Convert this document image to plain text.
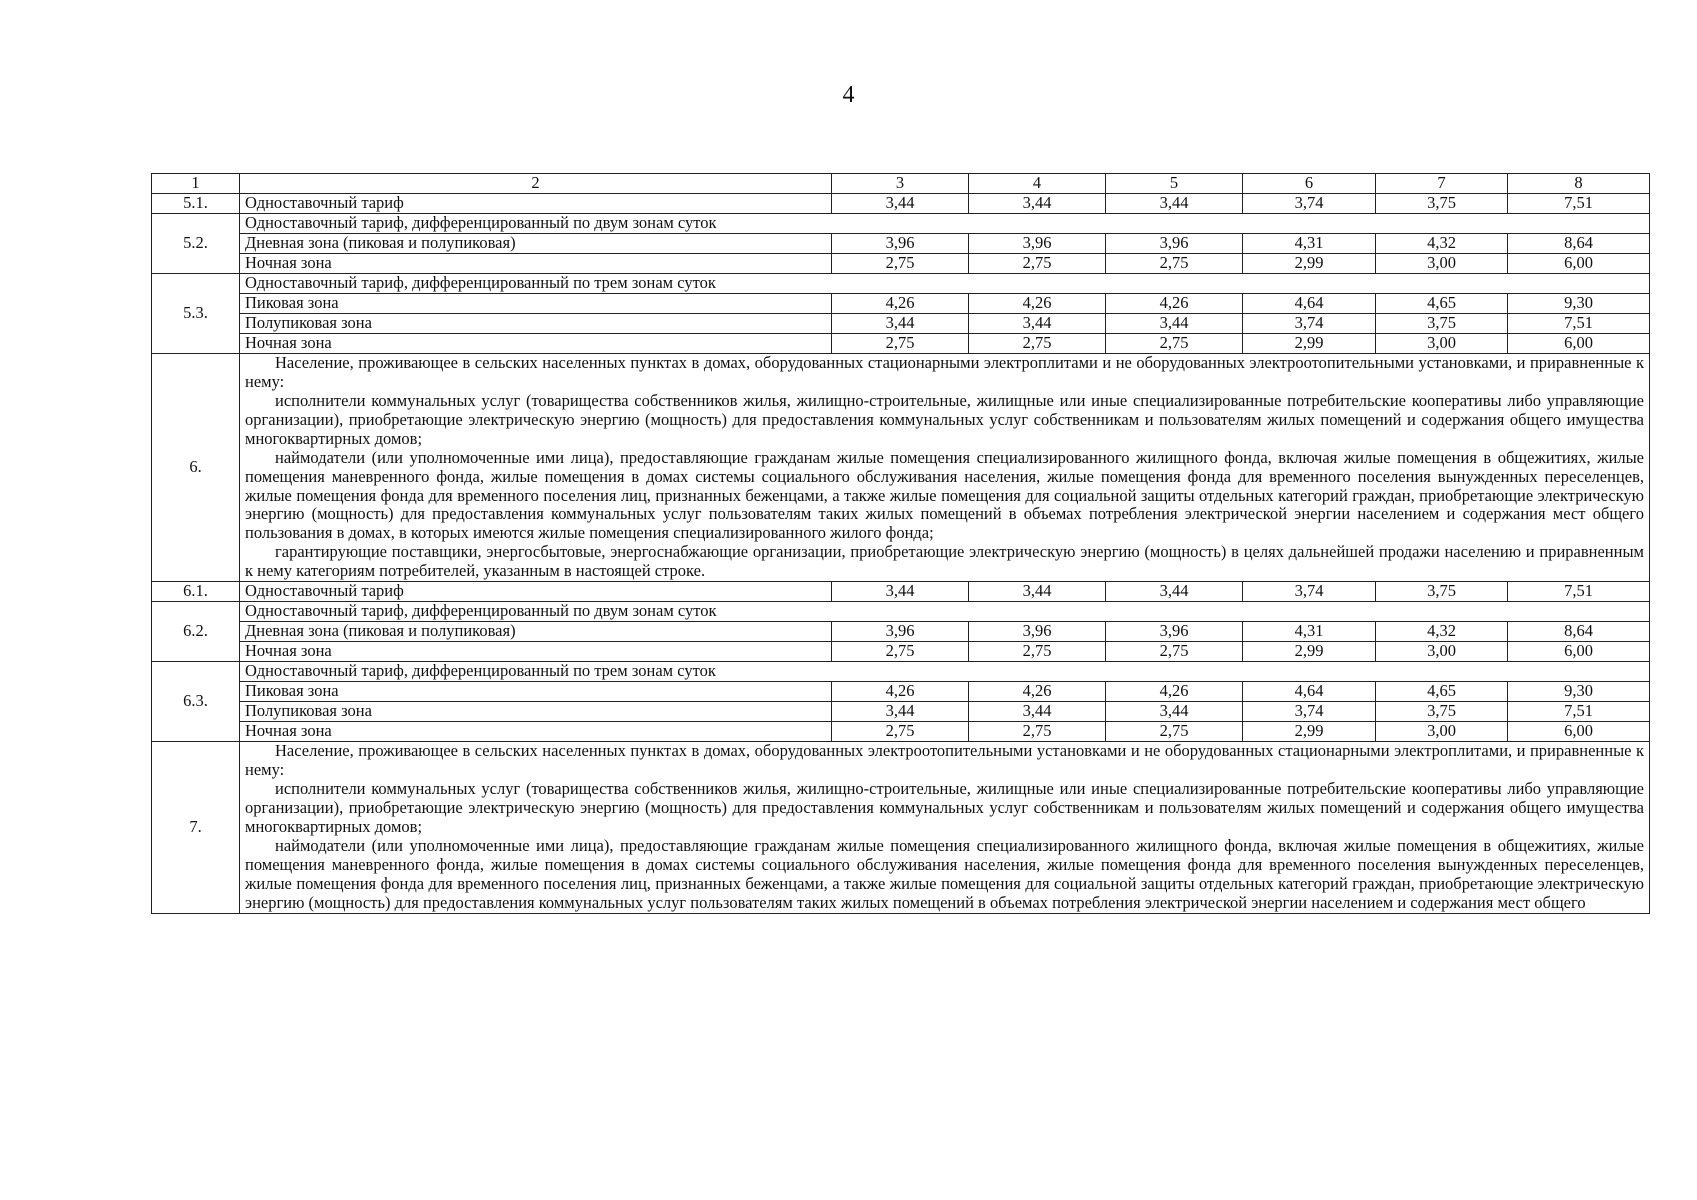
4
1	2	3	4	5	6	7	8
5.1.	Одноставочный тариф	3,44	3,44	3,44	3,74	3,75	7,51
5.2.	Одноставочный тариф, дифференцированный по двум зонам суток						
	Дневная зона (пиковая и полупиковая)	3,96	3,96	3,96	4,31	4,32	8,64
	Ночная зона	2,75	2,75	2,75	2,99	3,00	6,00
5.3.	Одноставочный тариф, дифференцированный по трем зонам суток						
	Пиковая зона	4,26	4,26	4,26	4,64	4,65	9,30
	Полупиковая зона	3,44	3,44	3,44	3,74	3,75	7,51
	Ночная зона	2,75	2,75	2,75	2,99	3,00	6,00
6.	Население, проживающее в сельских населенных пунктах в домах, оборудованных стационарными электроплитами и не оборудованных электроотопительными установками, и приравненные к нему:

исполнители коммунальных услуг (товарищества собственников жилья, жилищно-строительные, жилищные или иные специализированные потребительские кооперативы либо управляющие организации), приобретающие электрическую энергию (мощность) для предоставления коммунальных услуг собственникам и пользователям жилых помещений и содержания общего имущества многоквартирных домов;

наймодатели (или уполномоченные ими лица), предоставляющие гражданам жилые помещения специализированного жилищного фонда, включая жилые помещения в общежитиях, жилые помещения маневренного фонда, жилые помещения в домах системы социального обслуживания населения, жилые помещения фонда для временного поселения вынужденных переселенцев, жилые помещения фонда для временного поселения лиц, признанных беженцами, а также жилые помещения для социальной защиты отдельных категорий граждан, приобретающие электрическую энергию (мощность) для предоставления коммунальных услуг пользователям таких жилых помещений в объемах потребления электрической энергии населением и содержания мест общего пользования в домах, в которых имеются жилые помещения специализированного жилого фонда;

гарантирующие поставщики, энергосбытовые, энергоснабжающие организации, приобретающие электрическую энергию (мощность) в целях дальнейшей продажи населению и приравненным к нему категориям потребителей, указанным в настоящей строке.						

6.1.	Одноставочный тариф	3,44	3,44	3,44	3,74	3,75	7,51
6.2.	Одноставочный тариф, дифференцированный по двум зонам суток						
	Дневная зона (пиковая и полупиковая)	3,96	3,96	3,96	4,31	4,32	8,64
	Ночная зона	2,75	2,75	2,75	2,99	3,00	6,00
6.3.	Одноставочный тариф, дифференцированный по трем зонам суток						
	Пиковая зона	4,26	4,26	4,26	4,64	4,65	9,30
	Полупиковая зона	3,44	3,44	3,44	3,74	3,75	7,51
	Ночная зона	2,75	2,75	2,75	2,99	3,00	6,00
7.	Население, проживающее в сельских населенных пунктах в домах, оборудованных электроотопительными установками и не оборудованных стационарными электроплитами, и приравненные к нему:

исполнители коммунальных услуг (товарищества собственников жилья, жилищно-строительные, жилищные или иные специализированные потребительские кооперативы либо управляющие организации), приобретающие электрическую энергию (мощность) для предоставления коммунальных услуг собственникам и пользователям жилых помещений и содержания общего имущества многоквартирных домов;

наймодатели (или уполномоченные ими лица), предоставляющие гражданам жилые помещения специализированного жилищного фонда, включая жилые помещения в общежитиях, жилые помещения маневренного фонда, жилые помещения в домах системы социального обслуживания населения, жилые помещения фонда для временного поселения вынужденных переселенцев, жилые помещения фонда для временного поселения лиц, признанных беженцами, а также жилые помещения для социальной защиты отдельных категорий граждан, приобретающие электрическую энергию (мощность) для предоставления коммунальных услуг пользователям таких жилых помещений в объемах потребления электрической энергии населением и содержания мест общего						
